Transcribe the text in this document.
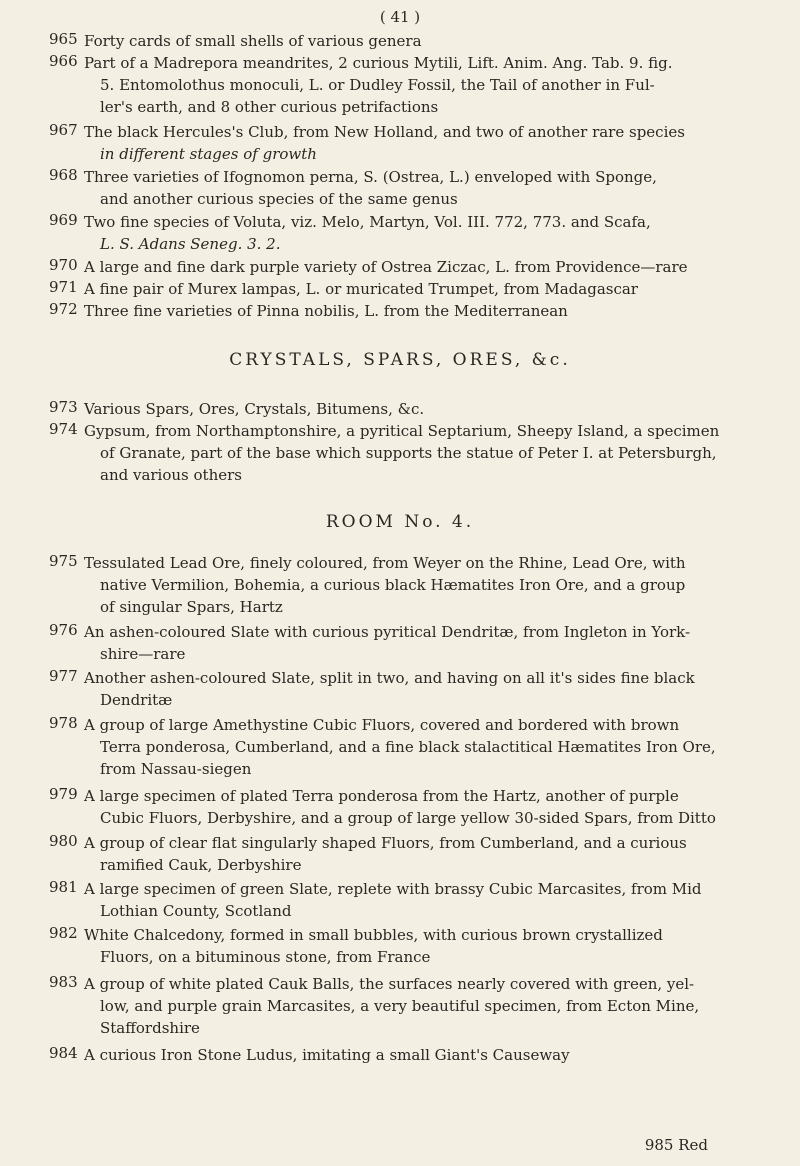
( 41 )
965 Forty cards of small shells of various genera
966 Part of a Madrepora meandrites, 2 curious Mytili, Lift. Anim. Ang. Tab. 9. fig.
5. Entomolothus monoculi, L. or Dudley Fossil, the Tail of another in Ful-
ler's earth, and 8 other curious petrifactions
967 The black Hercules's Club, from New Holland, and two of another rare species
in different stages of growth
968 Three varieties of Ifognomon perna, S. (Ostrea, L.) enveloped with Sponge,
and another curious species of the same genus
969 Two fine species of Voluta, viz. Melo, Martyn, Vol. III. 772, 773. and Scafa,
L. S. Adans Seneg. 3. 2.
970 A large and fine dark purple variety of Ostrea Ziczac, L. from Providence—rare
971 A fine pair of Murex lampas, L. or muricated Trumpet, from Madagascar
972 Three fine varieties of Pinna nobilis, L. from the Mediterranean
CRYSTALS, SPARS, ORES, &c.
973 Various Spars, Ores, Crystals, Bitumens, &c.
974 Gypsum, from Northamptonshire, a pyritical Septarium, Sheepy Island, a specimen
of Granate, part of the base which supports the statue of Peter I. at Petersburgh,
and various others
ROOM No. 4.
975 Tessulated Lead Ore, finely coloured, from Weyer on the Rhine, Lead Ore, with
native Vermilion, Bohemia, a curious black Hæmatites Iron Ore, and a group
of singular Spars, Hartz
976 An ashen-coloured Slate with curious pyritical Dendritæ, from Ingleton in York-
shire—rare
977 Another ashen-coloured Slate, split in two, and having on all it's sides fine black
Dendritæ
978 A group of large Amethystine Cubic Fluors, covered and bordered with brown
Terra ponderosa, Cumberland, and a fine black stalactitical Hæmatites Iron Ore,
from Nassau-siegen
979 A large specimen of plated Terra ponderosa from the Hartz, another of purple
Cubic Fluors, Derbyshire, and a group of large yellow 30-sided Spars, from Ditto
980 A group of clear flat singularly shaped Fluors, from Cumberland, and a curious
ramified Cauk, Derbyshire
981 A large specimen of green Slate, replete with brassy Cubic Marcasites, from Mid
Lothian County, Scotland
982 White Chalcedony, formed in small bubbles, with curious brown crystallized
Fluors, on a bituminous stone, from France
983 A group of white plated Cauk Balls, the surfaces nearly covered with green, yel-
low, and purple grain Marcasites, a very beautiful specimen, from Ecton Mine,
Staffordshire
984 A curious Iron Stone Ludus, imitating a small Giant's Causeway
985 Red
